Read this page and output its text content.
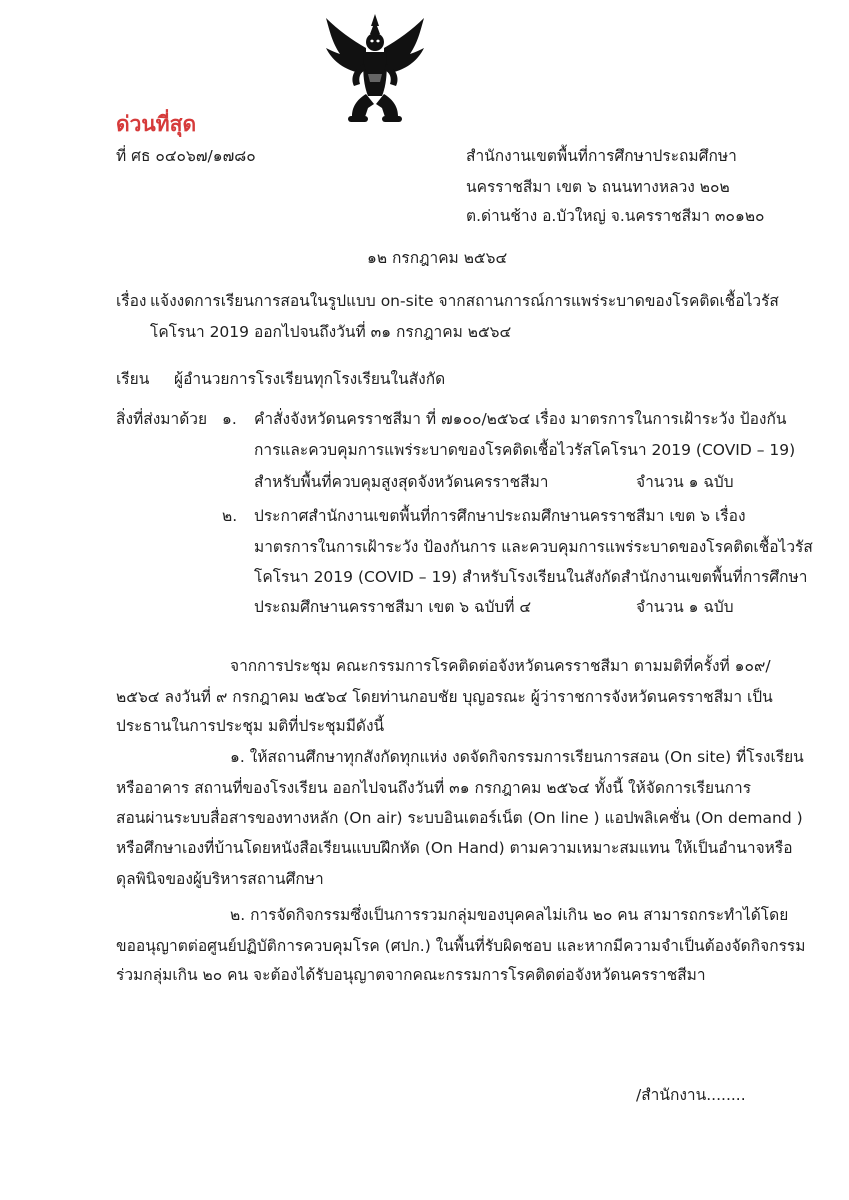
ด่วนที่สุด
ที่ ศธ ๐๔๐๖๗/๑๗๘๐	สำนักงานเขตพื้นที่การศึกษาประถมศึกษา
นครราชสีมา เขต ๖ ถนนทางหลวง ๒๐๒
ต.ด่านช้าง อ.บัวใหญ่ จ.นครราชสีมา ๓๐๑๒๐
๑๒ กรกฎาคม ๒๕๖๔
เรื่อง แจ้งงดการเรียนการสอนในรูปแบบ on-site จากสถานการณ์การแพร่ระบาดของโรคติดเชื้อไวรัส
โคโรนา 2019 ออกไปจนถึงวันที่ ๓๑ กรกฎาคม ๒๕๖๔
เรียน ผู้อำนวยการโรงเรียนทุกโรงเรียนในสังกัด
สิ่งที่ส่งมาด้วย ๑. คำสั่งจังหวัดนครราชสีมา ที่ ๗๑๐๐/๒๕๖๔ เรื่อง มาตรการในการเฝ้าระวัง ป้องกัน
การและควบคุมการแพร่ระบาดของโรคติดเชื้อไวรัสโคโรนา 2019 (COVID – 19)
สำหรับพื้นที่ควบคุมสูงสุดจังหวัดนครราชสีมา	จำนวน ๑ ฉบับ
๒. ประกาศสำนักงานเขตพื้นที่การศึกษาประถมศึกษานครราชสีมา เขต ๖ เรื่อง
มาตรการในการเฝ้าระวัง ป้องกันการ และควบคุมการแพร่ระบาดของโรคติดเชื้อไวรัส
โคโรนา 2019 (COVID – 19) สำหรับโรงเรียนในสังกัดสำนักงานเขตพื้นที่การศึกษา
ประถมศึกษานครราชสีมา เขต ๖ ฉบับที่ ๔	จำนวน ๑ ฉบับ
จากการประชุม คณะกรรมการโรคติดต่อจังหวัดนครราชสีมา ตามมติที่ครั้งที่ ๑๐๙/
๒๕๖๔ ลงวันที่ ๙ กรกฎาคม ๒๕๖๔ โดยท่านกอบชัย บุญอรณะ ผู้ว่าราชการจังหวัดนครราชสีมา เป็น
ประธานในการประชุม มติที่ประชุมมีดังนี้
๑. ให้สถานศึกษาทุกสังกัดทุกแห่ง งดจัดกิจกรรมการเรียนการสอน (On site) ที่โรงเรียน
หรืออาคาร สถานที่ของโรงเรียน ออกไปจนถึงวันที่ ๓๑ กรกฎาคม ๒๕๖๔ ทั้งนี้ ให้จัดการเรียนการ
สอนผ่านระบบสื่อสารของทางหลัก (On air) ระบบอินเตอร์เน็ต (On line ) แอปพลิเคชั่น (On demand )
หรือศึกษาเองที่บ้านโดยหนังสือเรียนแบบฝึกหัด (On Hand) ตามความเหมาะสมแทน ให้เป็นอำนาจหรือ
ดุลพินิจของผู้บริหารสถานศึกษา
๒. การจัดกิจกรรมซึ่งเป็นการรวมกลุ่มของบุคคลไม่เกิน ๒๐ คน สามารถกระทำได้โดย
ขออนุญาตต่อศูนย์ปฏิบัติการควบคุมโรค (ศปก.) ในพื้นที่รับผิดชอบ และหากมีความจำเป็นต้องจัดกิจกรรม
ร่วมกลุ่มเกิน ๒๐ คน จะต้องได้รับอนุญาตจากคณะกรรมการโรคติดต่อจังหวัดนครราชสีมา
/สำนักงาน........
